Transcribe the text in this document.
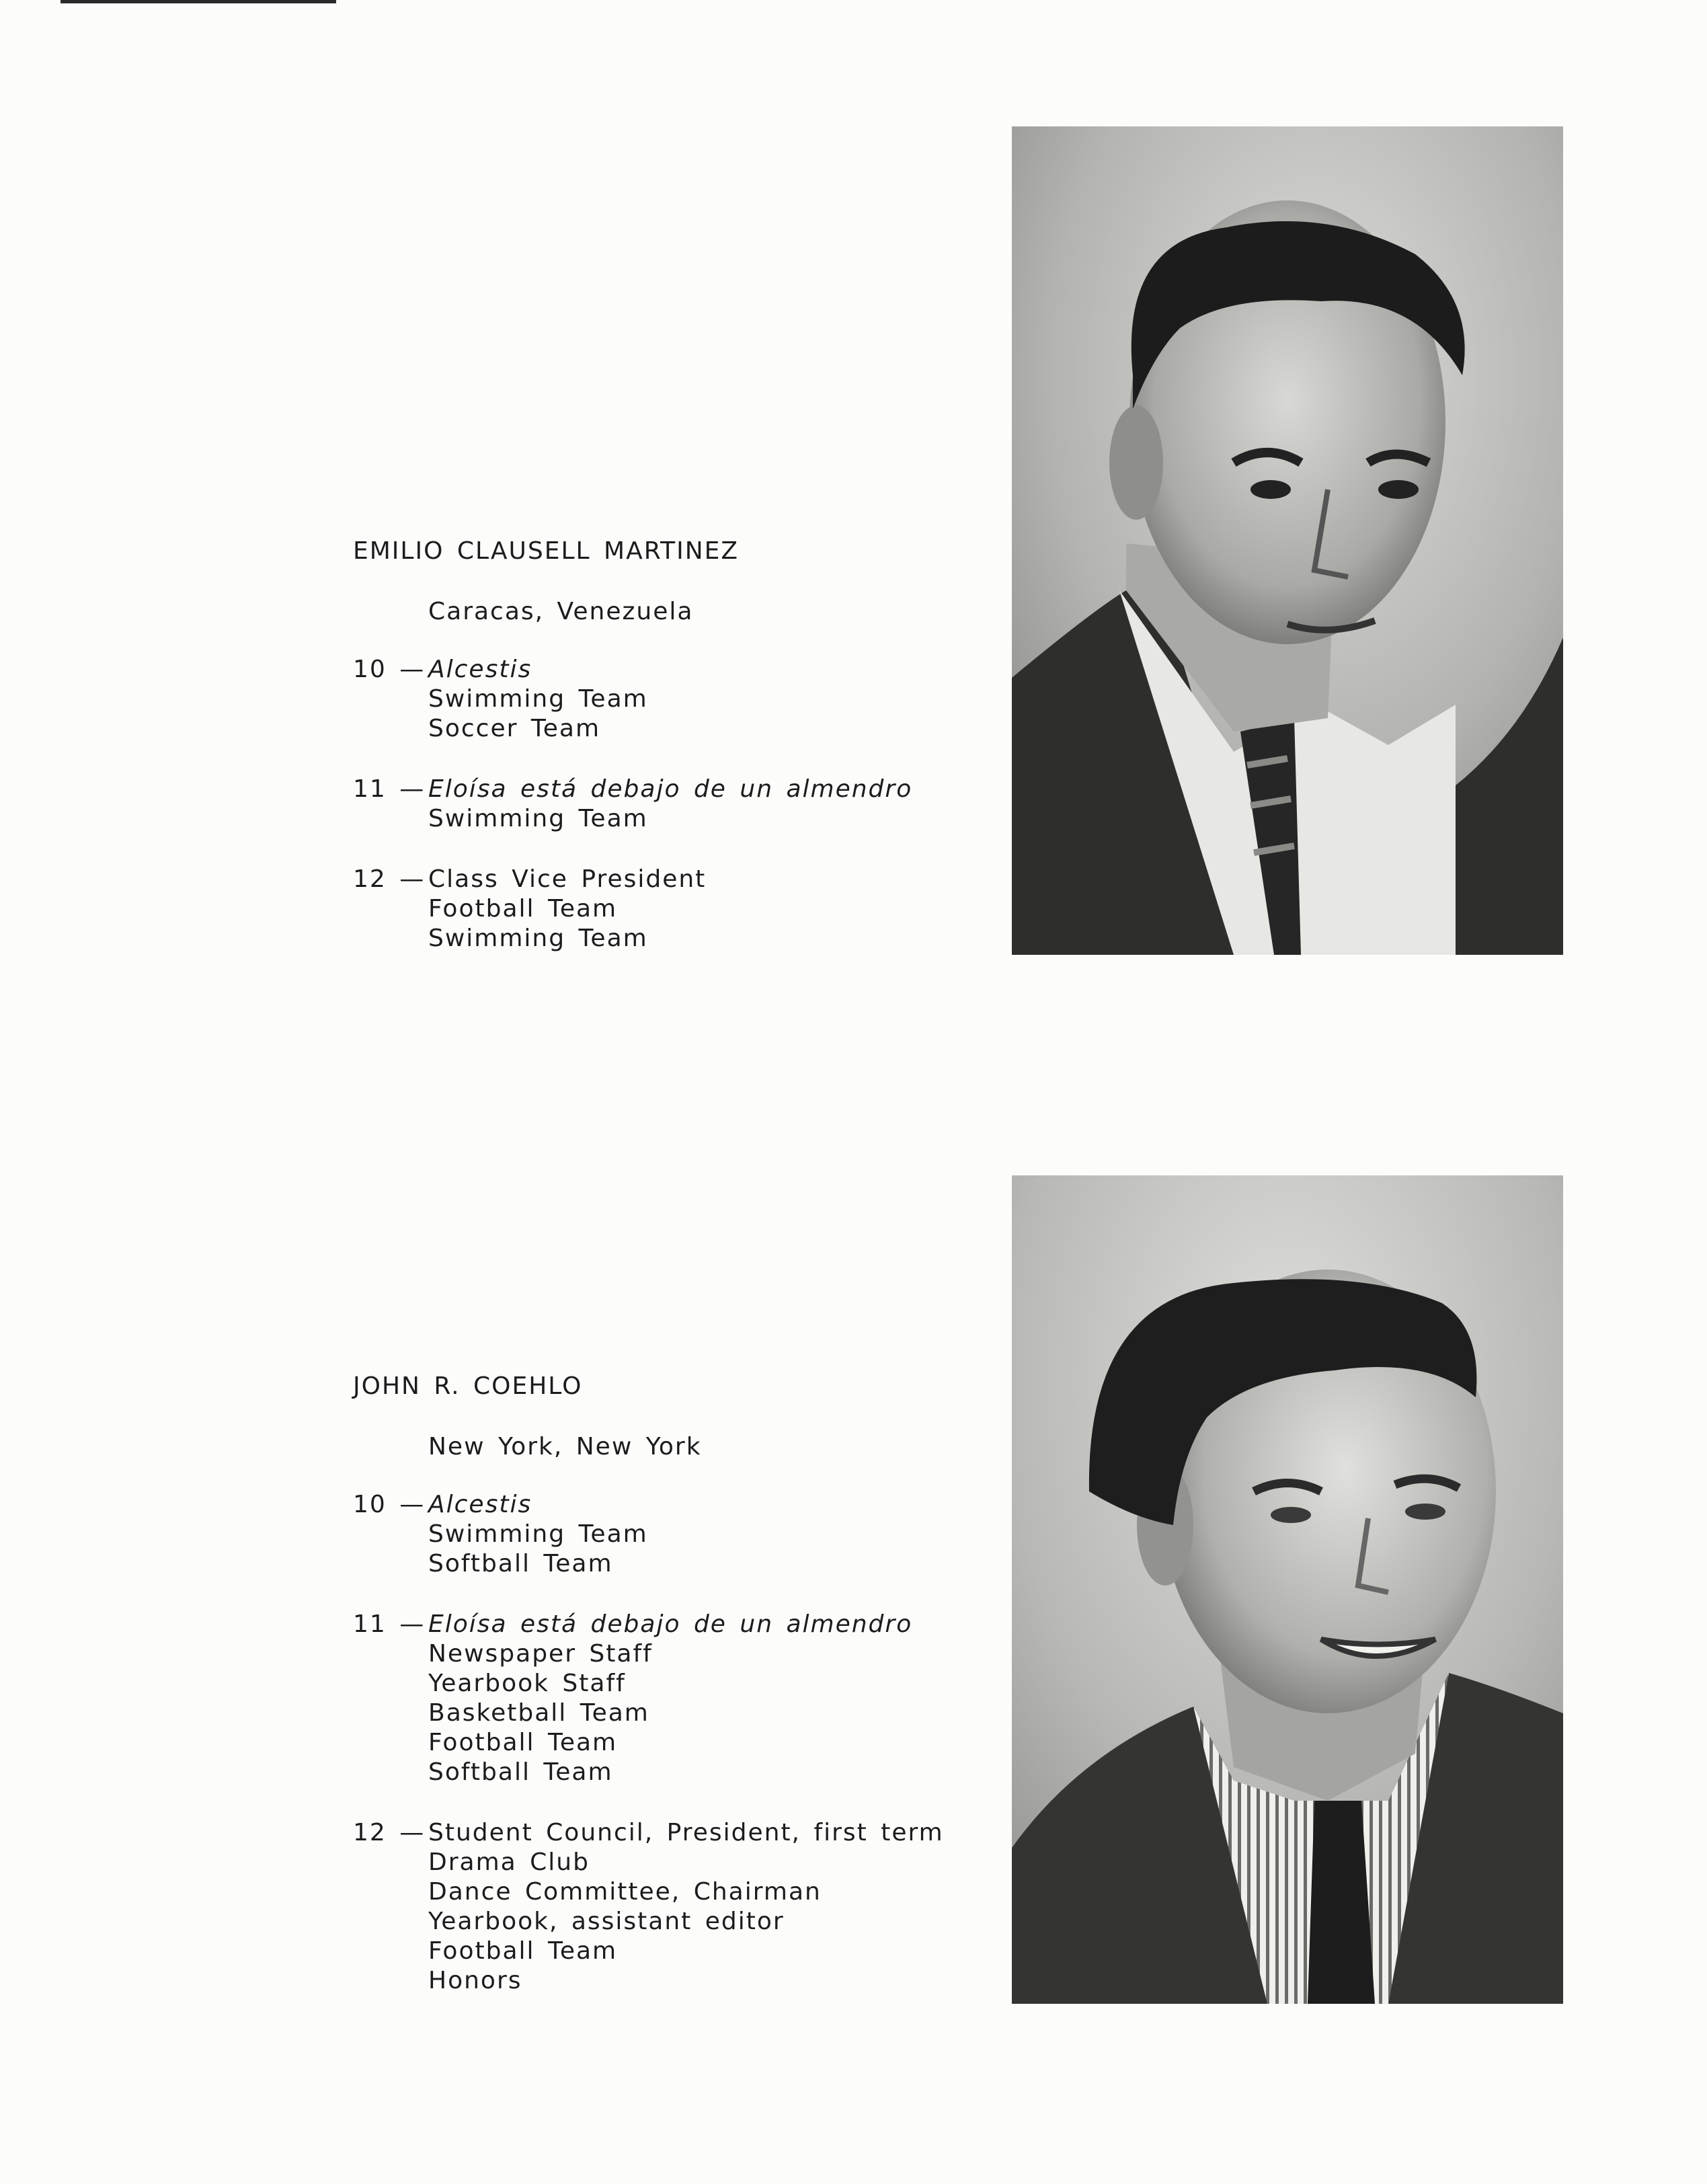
EMILIO CLAUSELL MARTINEZ
Caracas, Venezuela
10 — Alcestis
Swimming Team
Soccer Team
11 — Eloísa está debajo de un almendro
Swimming Team
12 — Class Vice President
Football Team
Swimming Team
JOHN R. COEHLO
New York, New York
10 — Alcestis
Swimming Team
Softball Team
11 — Eloísa está debajo de un almendro
Newspaper Staff
Yearbook Staff
Basketball Team
Football Team
Softball Team
12 — Student Council, President, first term
Drama Club
Dance Committee, Chairman
Yearbook, assistant editor
Football Team
Honors
